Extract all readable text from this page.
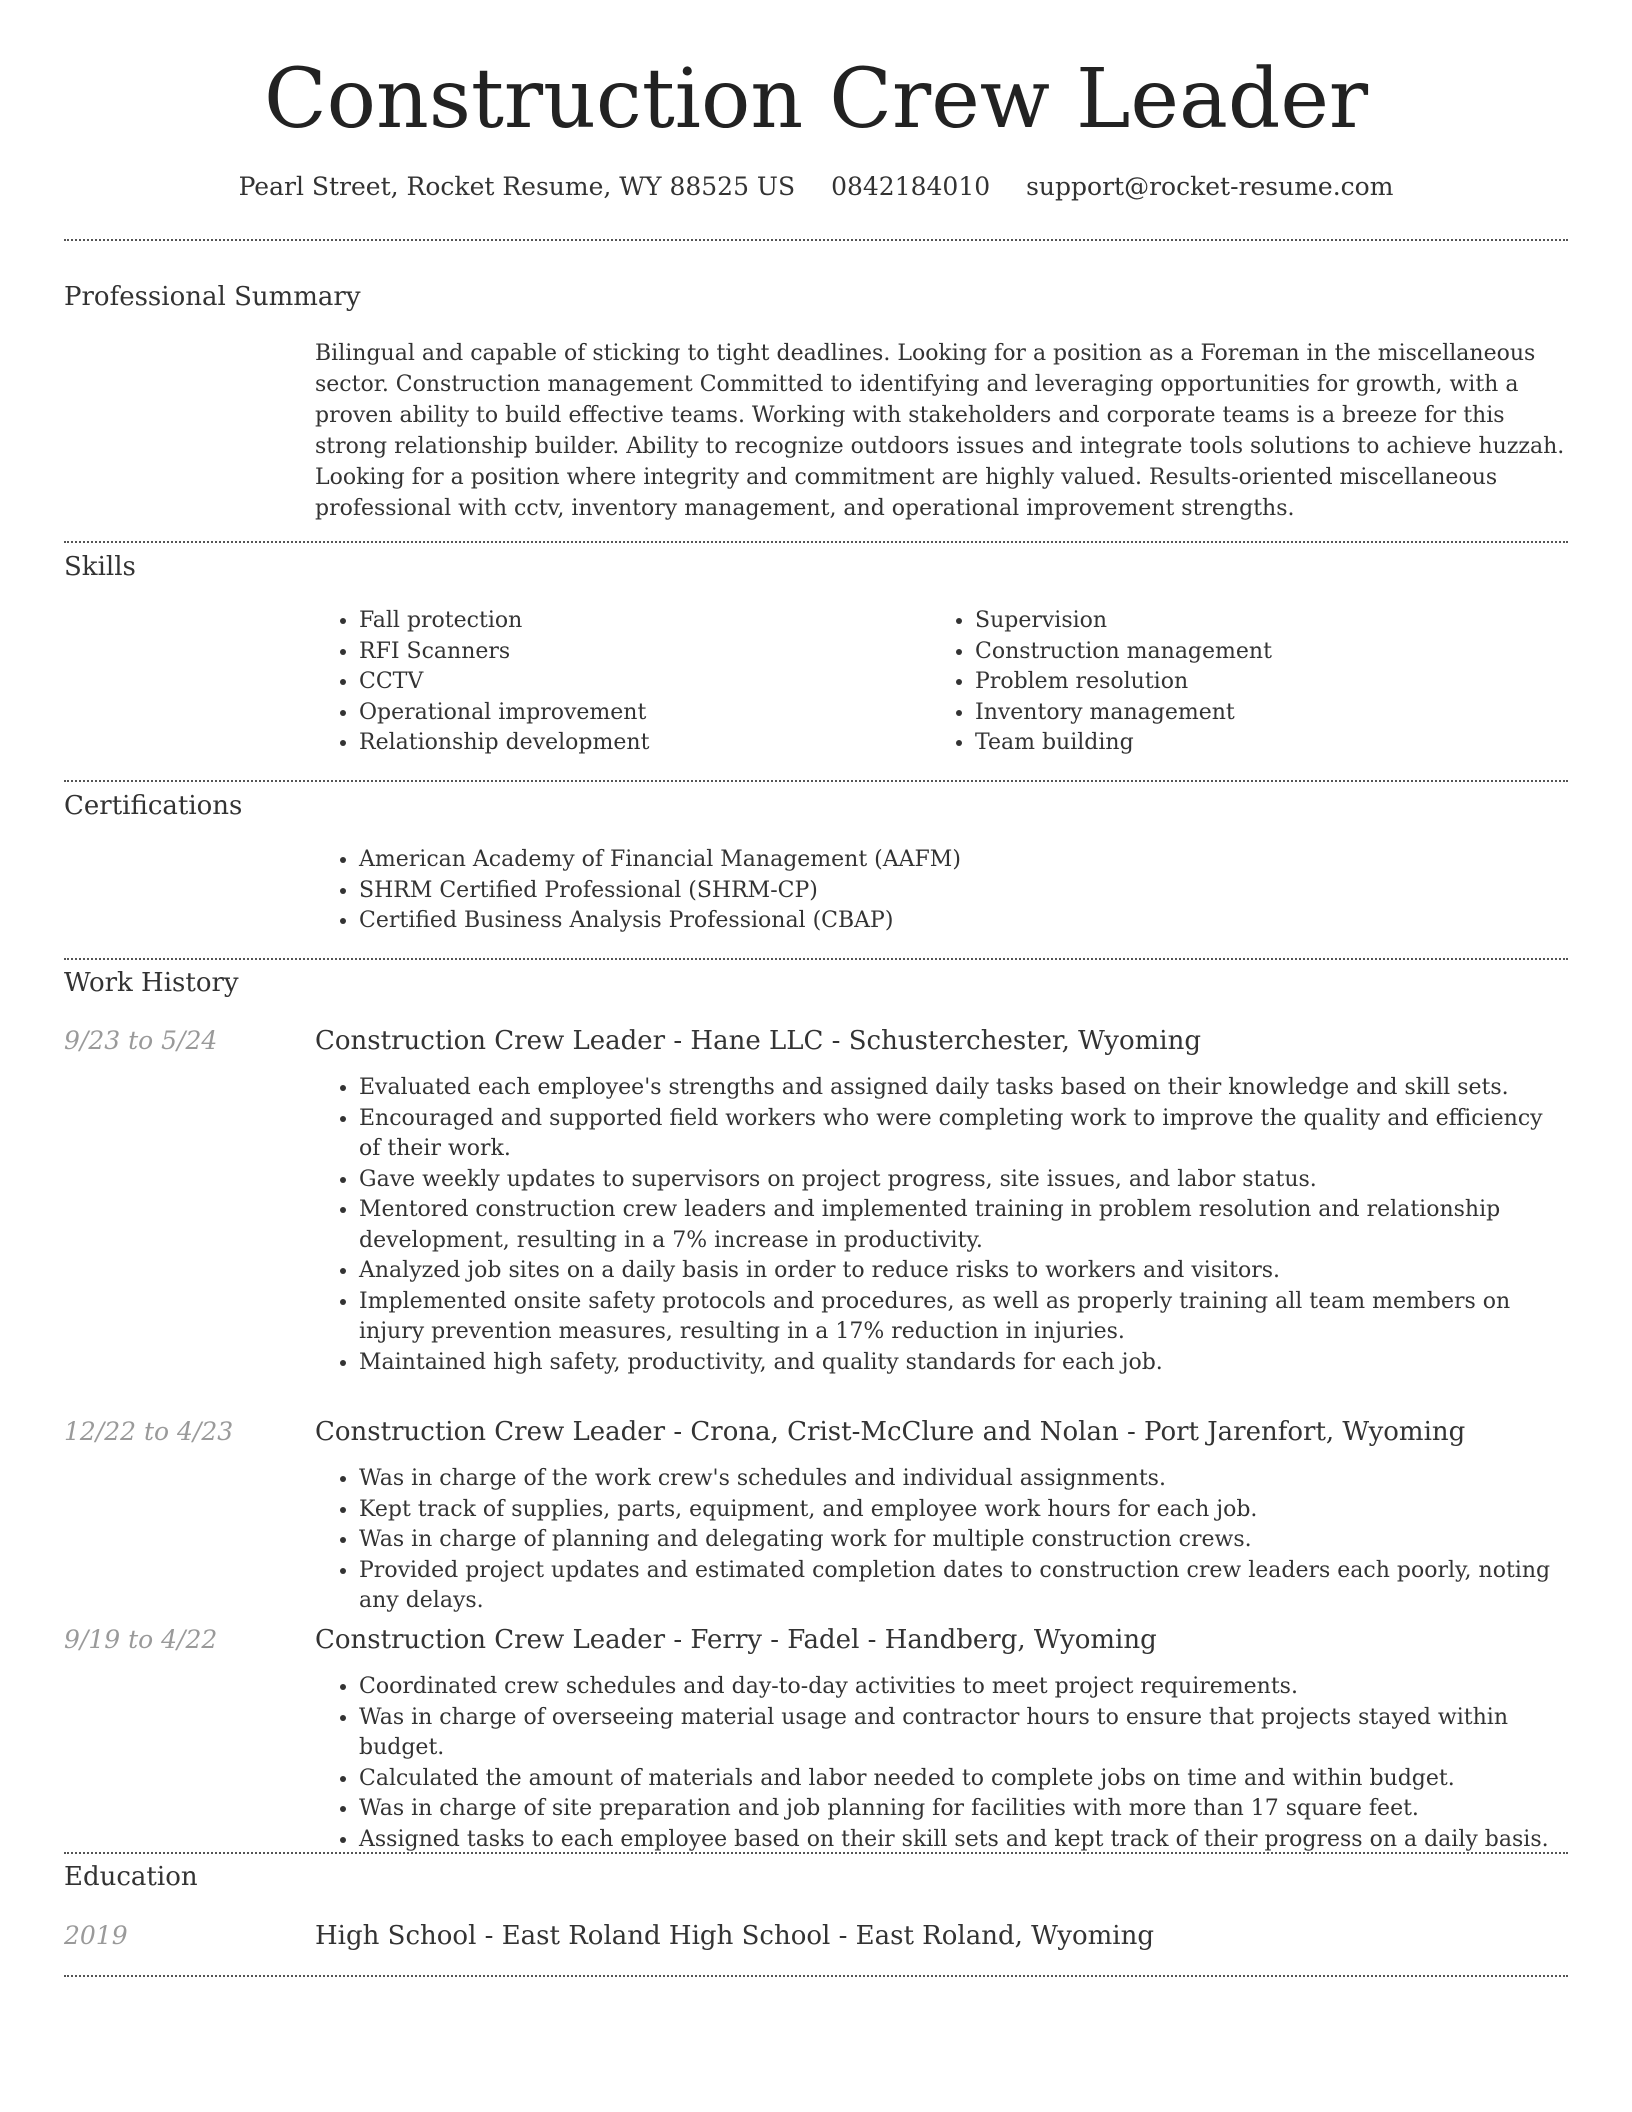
Construction Crew Leader
Pearl Street, Rocket Resume, WY 88525 US 0842184010 support@rocket-resume.com
Professional Summary
Bilingual and capable of sticking to tight deadlines. Looking for a position as a Foreman in the miscellaneous sector. Construction management Committed to identifying and leveraging opportunities for growth, with a proven ability to build effective teams. Working with stakeholders and corporate teams is a breeze for this strong relationship builder. Ability to recognize outdoors issues and integrate tools solutions to achieve huzzah. Looking for a position where integrity and commitment are highly valued. Results-oriented miscellaneous professional with cctv, inventory management, and operational improvement strengths.
Skills
• Fall protection
• RFI Scanners
• CCTV
• Operational improvement
• Relationship development
• Supervision
• Construction management
• Problem resolution
• Inventory management
• Team building
Certifications
• American Academy of Financial Management (AAFM)
• SHRM Certified Professional (SHRM-CP)
• Certified Business Analysis Professional (CBAP)
Work History
9/23 to 5/24	Construction Crew Leader - Hane LLC - Schusterchester, Wyoming
• Evaluated each employee's strengths and assigned daily tasks based on their knowledge and skill sets.
• Encouraged and supported field workers who were completing work to improve the quality and efficiency of their work.
• Gave weekly updates to supervisors on project progress, site issues, and labor status.
• Mentored construction crew leaders and implemented training in problem resolution and relationship development, resulting in a 7% increase in productivity.
• Analyzed job sites on a daily basis in order to reduce risks to workers and visitors.
• Implemented onsite safety protocols and procedures, as well as properly training all team members on injury prevention measures, resulting in a 17% reduction in injuries.
• Maintained high safety, productivity, and quality standards for each job.
12/22 to 4/23	Construction Crew Leader - Crona, Crist-McClure and Nolan - Port Jarenfort, Wyoming
• Was in charge of the work crew's schedules and individual assignments.
• Kept track of supplies, parts, equipment, and employee work hours for each job.
• Was in charge of planning and delegating work for multiple construction crews.
• Provided project updates and estimated completion dates to construction crew leaders each poorly, noting any delays.
9/19 to 4/22	Construction Crew Leader - Ferry - Fadel - Handberg, Wyoming
• Coordinated crew schedules and day-to-day activities to meet project requirements.
• Was in charge of overseeing material usage and contractor hours to ensure that projects stayed within budget.
• Calculated the amount of materials and labor needed to complete jobs on time and within budget.
• Was in charge of site preparation and job planning for facilities with more than 17 square feet.
• Assigned tasks to each employee based on their skill sets and kept track of their progress on a daily basis.
Education
2019	High School - East Roland High School - East Roland, Wyoming
